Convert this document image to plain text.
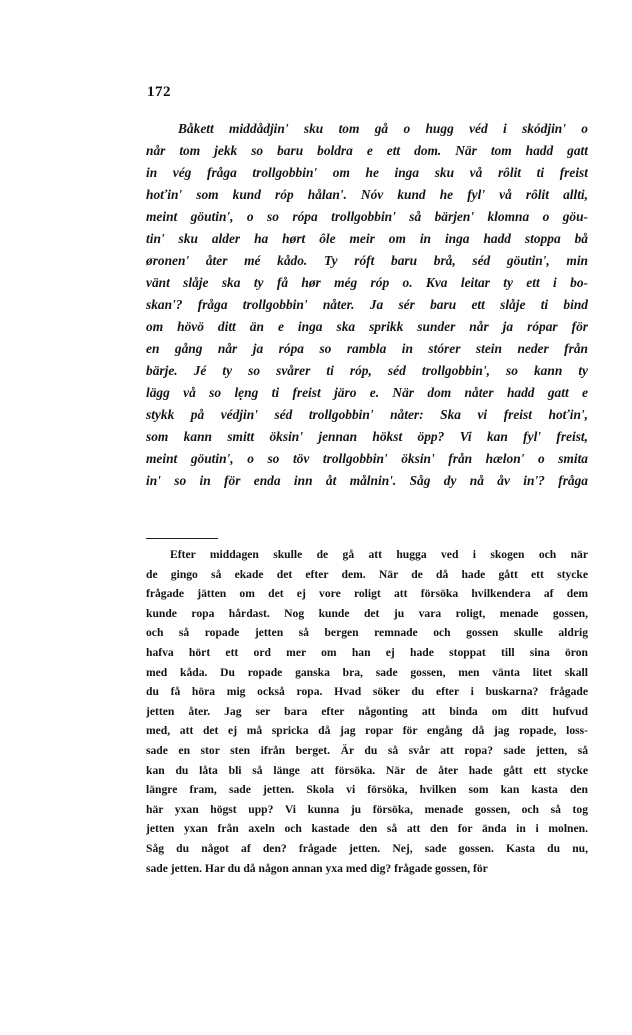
172
Båkett middådjin' sku tom gå o hugg véd i skódjin' o
når tom jekk so baru boldra e ett dom. När tom hadd gatt
in vég fråga trollgobbin' om he inga sku vå rôlit ti freist
hoťin' som kund róp hålan'. Nóv kund he fyl' vå rôlit allti,
meint göutin', o so rópa trollgobbin' så bärjen' klomna o göu-
tin' sku alder ha hørt ôle meir om in inga hadd stoppa bå
øronen' åter mé kådo. Ty róft baru brå, séd göutin', min
vänt slåje ska ty få hør még róp o. Kva leitar ty ett i bo-
skan'? fråga trollgobbin' nåter. Ja sér baru ett slåje ti bind
om hövö ditt än e inga ska sprikk sunder når ja rópar för
en gång når ja rópa so rambla in stórer stein neder från
bärje. Jé ty so svårer ti róp, séd trollgobbin', so kann ty
lägg vå so lẹng ti freist järo e. När dom nåter hadd gatt e
stykk på védjin' séd trollgobbin' nåter: Ska vi freist hoťin',
som kann smitt öksin' jennan hökst öpp? Vi kan fyl' freist,
meint göutin', o so töv trollgobbin' öksin' från hælon' o smita
in' so in för enda inn åt målnin'. Såg dy nå åv in'? fråga
Efter middagen skulle de gå att hugga ved i skogen och när
de gingo så ekade det efter dem. När de då hade gått ett stycke
frågade jätten om det ej vore roligt att försöka hvilkendera af dem
kunde ropa hårdast. Nog kunde det ju vara roligt, menade gossen,
och så ropade jetten så bergen remnade och gossen skulle aldrig
hafva hört ett ord mer om han ej hade stoppat till sina öron
med kåda. Du ropade ganska bra, sade gossen, men vänta litet skall
du få höra mig också ropa. Hvad söker du efter i buskarna? frågade
jetten åter. Jag ser bara efter någonting att binda om ditt hufvud
med, att det ej må spricka då jag ropar för engång då jag ropade, loss-
sade en stor sten ifrån berget. Är du så svår att ropa? sade jetten, så
kan du låta bli så länge att försöka. När de åter hade gått ett stycke
längre fram, sade jetten. Skola vi försöka, hvilken som kan kasta den
här yxan högst upp? Vi kunna ju försöka, menade gossen, och så tog
jetten yxan från axeln och kastade den så att den for ända in i molnen.
Såg du något af den? frågade jetten. Nej, sade gossen. Kasta du nu,
sade jetten. Har du då någon annan yxa med dig? frågade gossen, för
